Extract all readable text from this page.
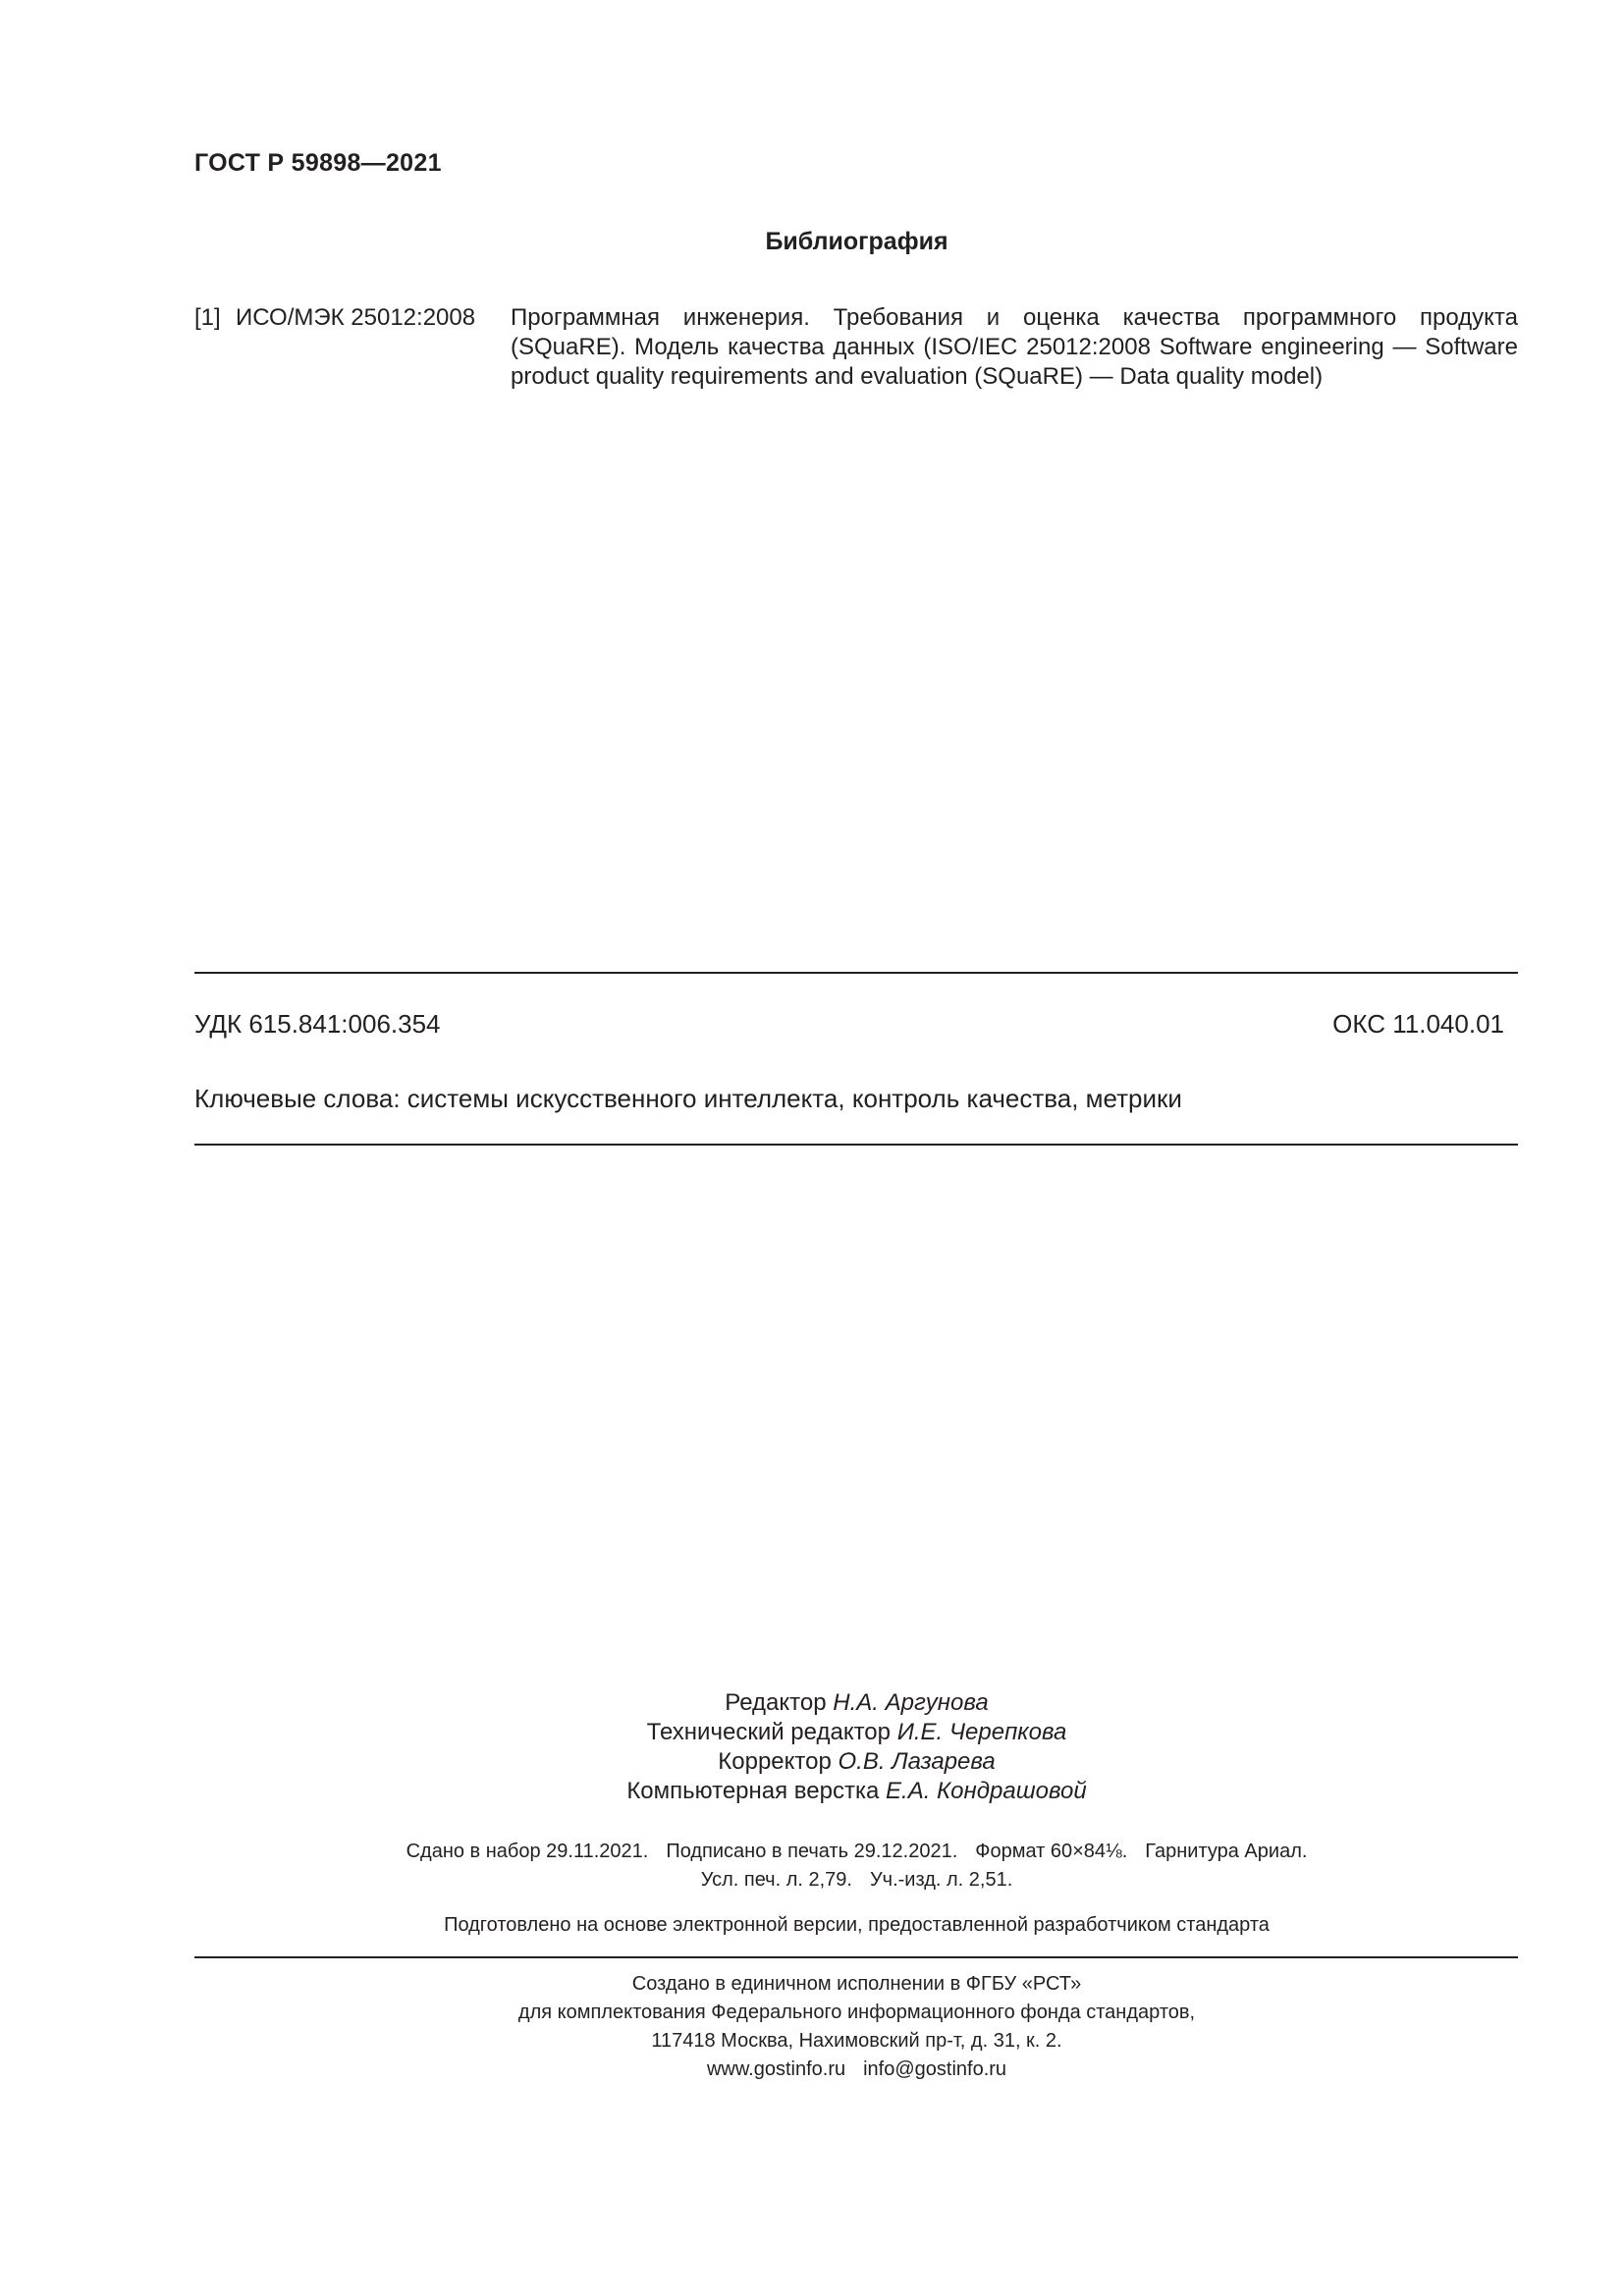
ГОСТ Р 59898—2021
Библиография
[1] ИСО/МЭК 25012:2008	Программная инженерия. Требования и оценка качества программного продукта (SQuaRE). Модель качества данных (ISO/IEC 25012:2008 Software engineering — Software product quality requirements and evaluation (SQuaRE) — Data quality model)
УДК 615.841:006.354	ОКС 11.040.01
Ключевые слова: системы искусственного интеллекта, контроль качества, метрики
Редактор Н.А. Аргунова
Технический редактор И.Е. Черепкова
Корректор О.В. Лазарева
Компьютерная верстка Е.А. Кондрашовой
Сдано в набор 29.11.2021. Подписано в печать 29.12.2021. Формат 60×84⅛. Гарнитура Ариал.
Усл. печ. л. 2,79. Уч.-изд. л. 2,51.
Подготовлено на основе электронной версии, предоставленной разработчиком стандарта
Создано в единичном исполнении в ФГБУ «РСТ»
для комплектования Федерального информационного фонда стандартов,
117418 Москва, Нахимовский пр-т, д. 31, к. 2.
www.gostinfo.ru info@gostinfo.ru
